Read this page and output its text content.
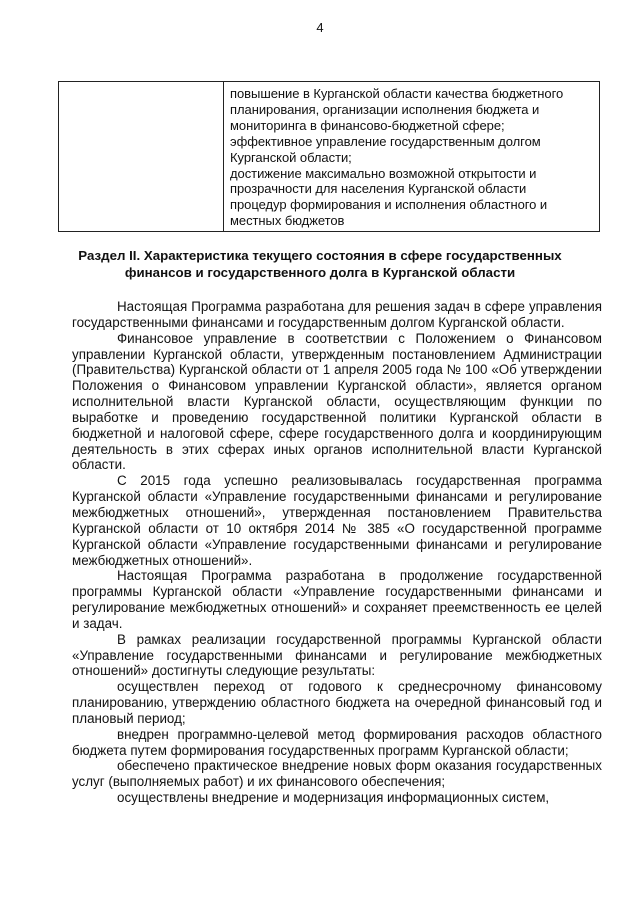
4
повышение в Курганской области качества бюджетного
планирования, организации исполнения бюджета и
мониторинга в финансово-бюджетной сфере;
эффективное управление государственным долгом
Курганской области;
достижение максимально возможной открытости и
прозрачности для населения Курганской области
процедур формирования и исполнения областного и
местных бюджетов
Раздел II. Характеристика текущего состояния в сфере государственных
финансов и государственного долга в Курганской области

Настоящая Программа разработана для решения задач в сфере управления государственными финансами и государственным долгом Курганской области.

Финансовое управление в соответствии с Положением о Финансовом управлении Курганской области, утвержденным постановлением Администрации (Правительства) Курганской области от 1 апреля 2005 года № 100 «Об утверждении Положения о Финансовом управлении Курганской области», является органом исполнительной власти Курганской области, осуществляющим функции по выработке и проведению государственной политики Курганской области в бюджетной и налоговой сфере, сфере государственного долга и координирующим деятельность в этих сферах иных органов исполнительной власти Курганской области.

С 2015 года успешно реализовывалась государственная программа Курганской области «Управление государственными финансами и регулирование межбюджетных отношений», утвержденная постановлением Правительства Курганской области от 10 октября 2014 № 385 «О государственной программе Курганской области «Управление государственными финансами и регулирование межбюджетных отношений».

Настоящая Программа разработана в продолжение государственной программы Курганской области «Управление государственными финансами и регулирование межбюджетных отношений» и сохраняет преемственность ее целей и задач.

В рамках реализации государственной программы Курганской области «Управление государственными финансами и регулирование межбюджетных отношений» достигнуты следующие результаты:

осуществлен переход от годового к среднесрочному финансовому планированию, утверждению областного бюджета на очередной финансовый год и плановый период;

внедрен программно-целевой метод формирования расходов областного бюджета путем формирования государственных программ Курганской области;

обеспечено практическое внедрение новых форм оказания государственных услуг (выполняемых работ) и их финансового обеспечения;

осуществлены внедрение и модернизация информационных систем,
